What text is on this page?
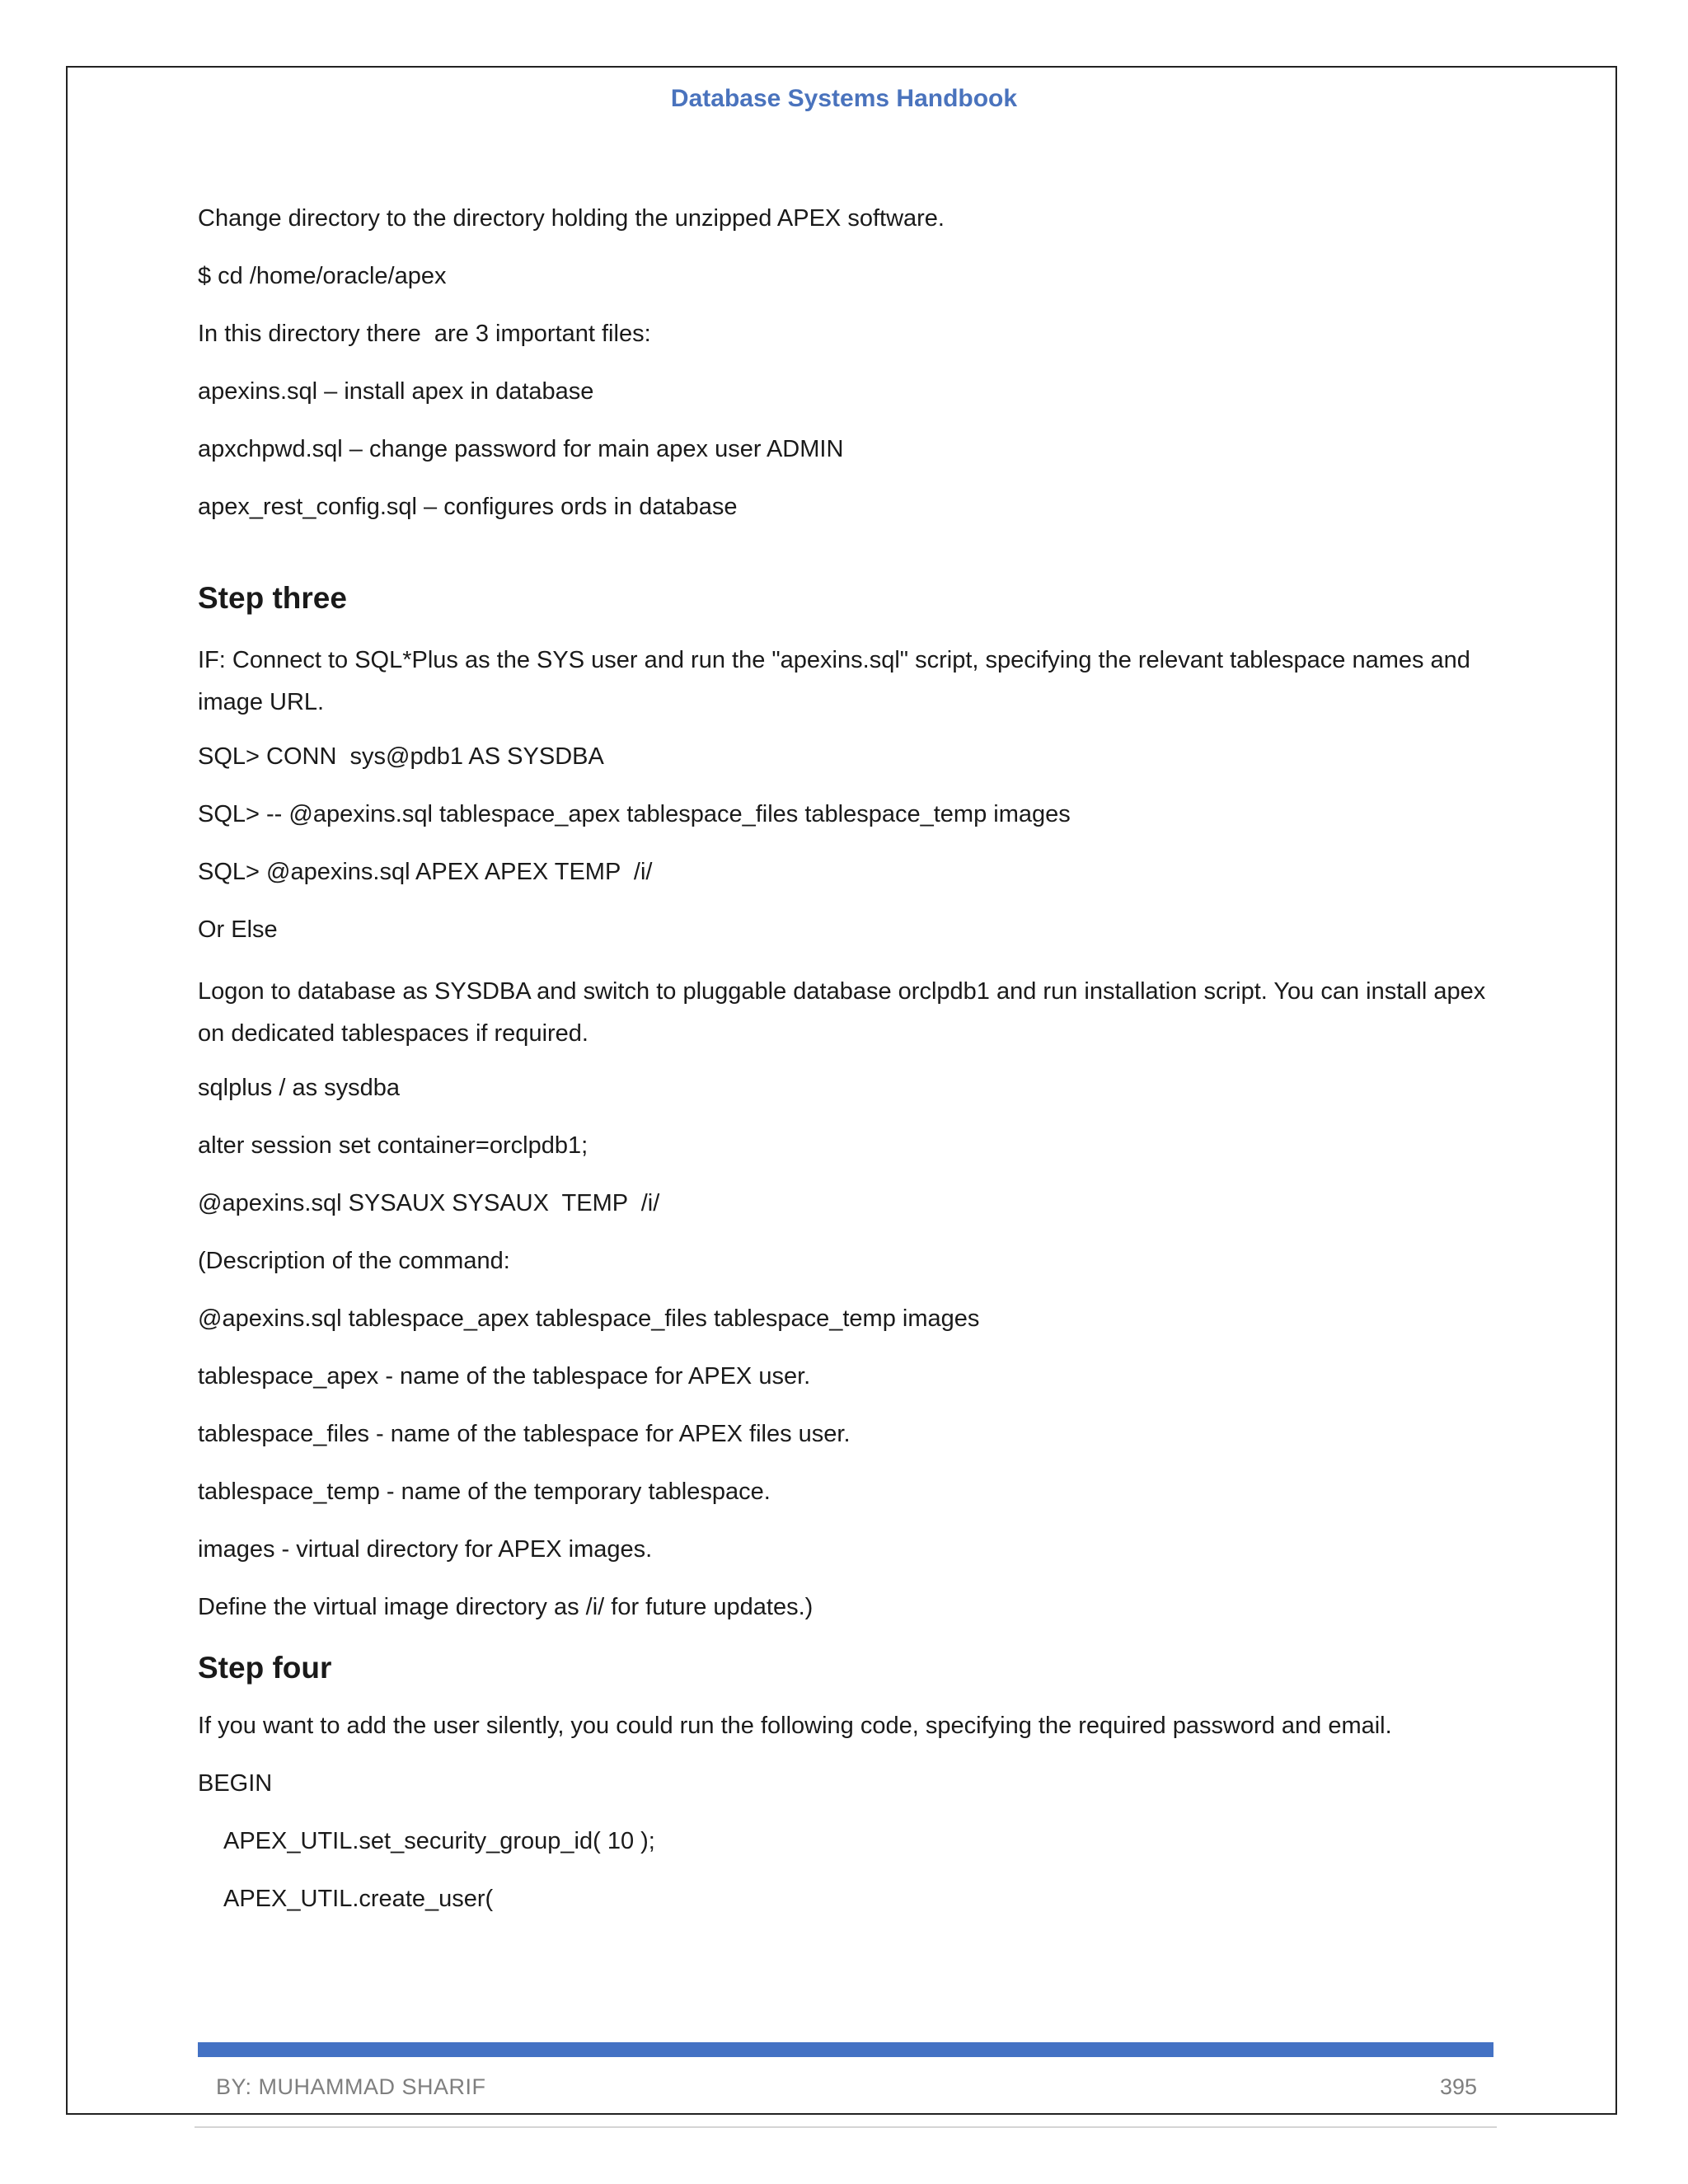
Database Systems Handbook

Change directory to the directory holding the unzipped APEX software.

$ cd /home/oracle/apex

In this directory there  are 3 important files:

apexins.sql – install apex in database

apxchpwd.sql – change password for main apex user ADMIN

apex_rest_config.sql – configures ords in database

Step three

IF: Connect to SQL*Plus as the SYS user and run the "apexins.sql" script, specifying the relevant tablespace names and image URL.

SQL> CONN  sys@pdb1 AS SYSDBA

SQL> -- @apexins.sql tablespace_apex tablespace_files tablespace_temp images

SQL> @apexins.sql APEX APEX TEMP  /i/

Or Else

Logon to database as SYSDBA and switch to pluggable database orclpdb1 and run installation script. You can install apex on dedicated tablespaces if required.

sqlplus / as sysdba

alter session set container=orclpdb1;

@apexins.sql SYSAUX SYSAUX  TEMP  /i/

(Description of the command:

@apexins.sql tablespace_apex tablespace_files tablespace_temp images

tablespace_apex - name of the tablespace for APEX user.

tablespace_files - name of the tablespace for APEX files user.

tablespace_temp - name of the temporary tablespace.

images - virtual directory for APEX images.

Define the virtual image directory as /i/ for future updates.)

Step four

If you want to add the user silently, you could run the following code, specifying the required password and email.

BEGIN

APEX_UTIL.set_security_group_id( 10 );

APEX_UTIL.create_user(

BY: MUHAMMAD SHARIF	395
